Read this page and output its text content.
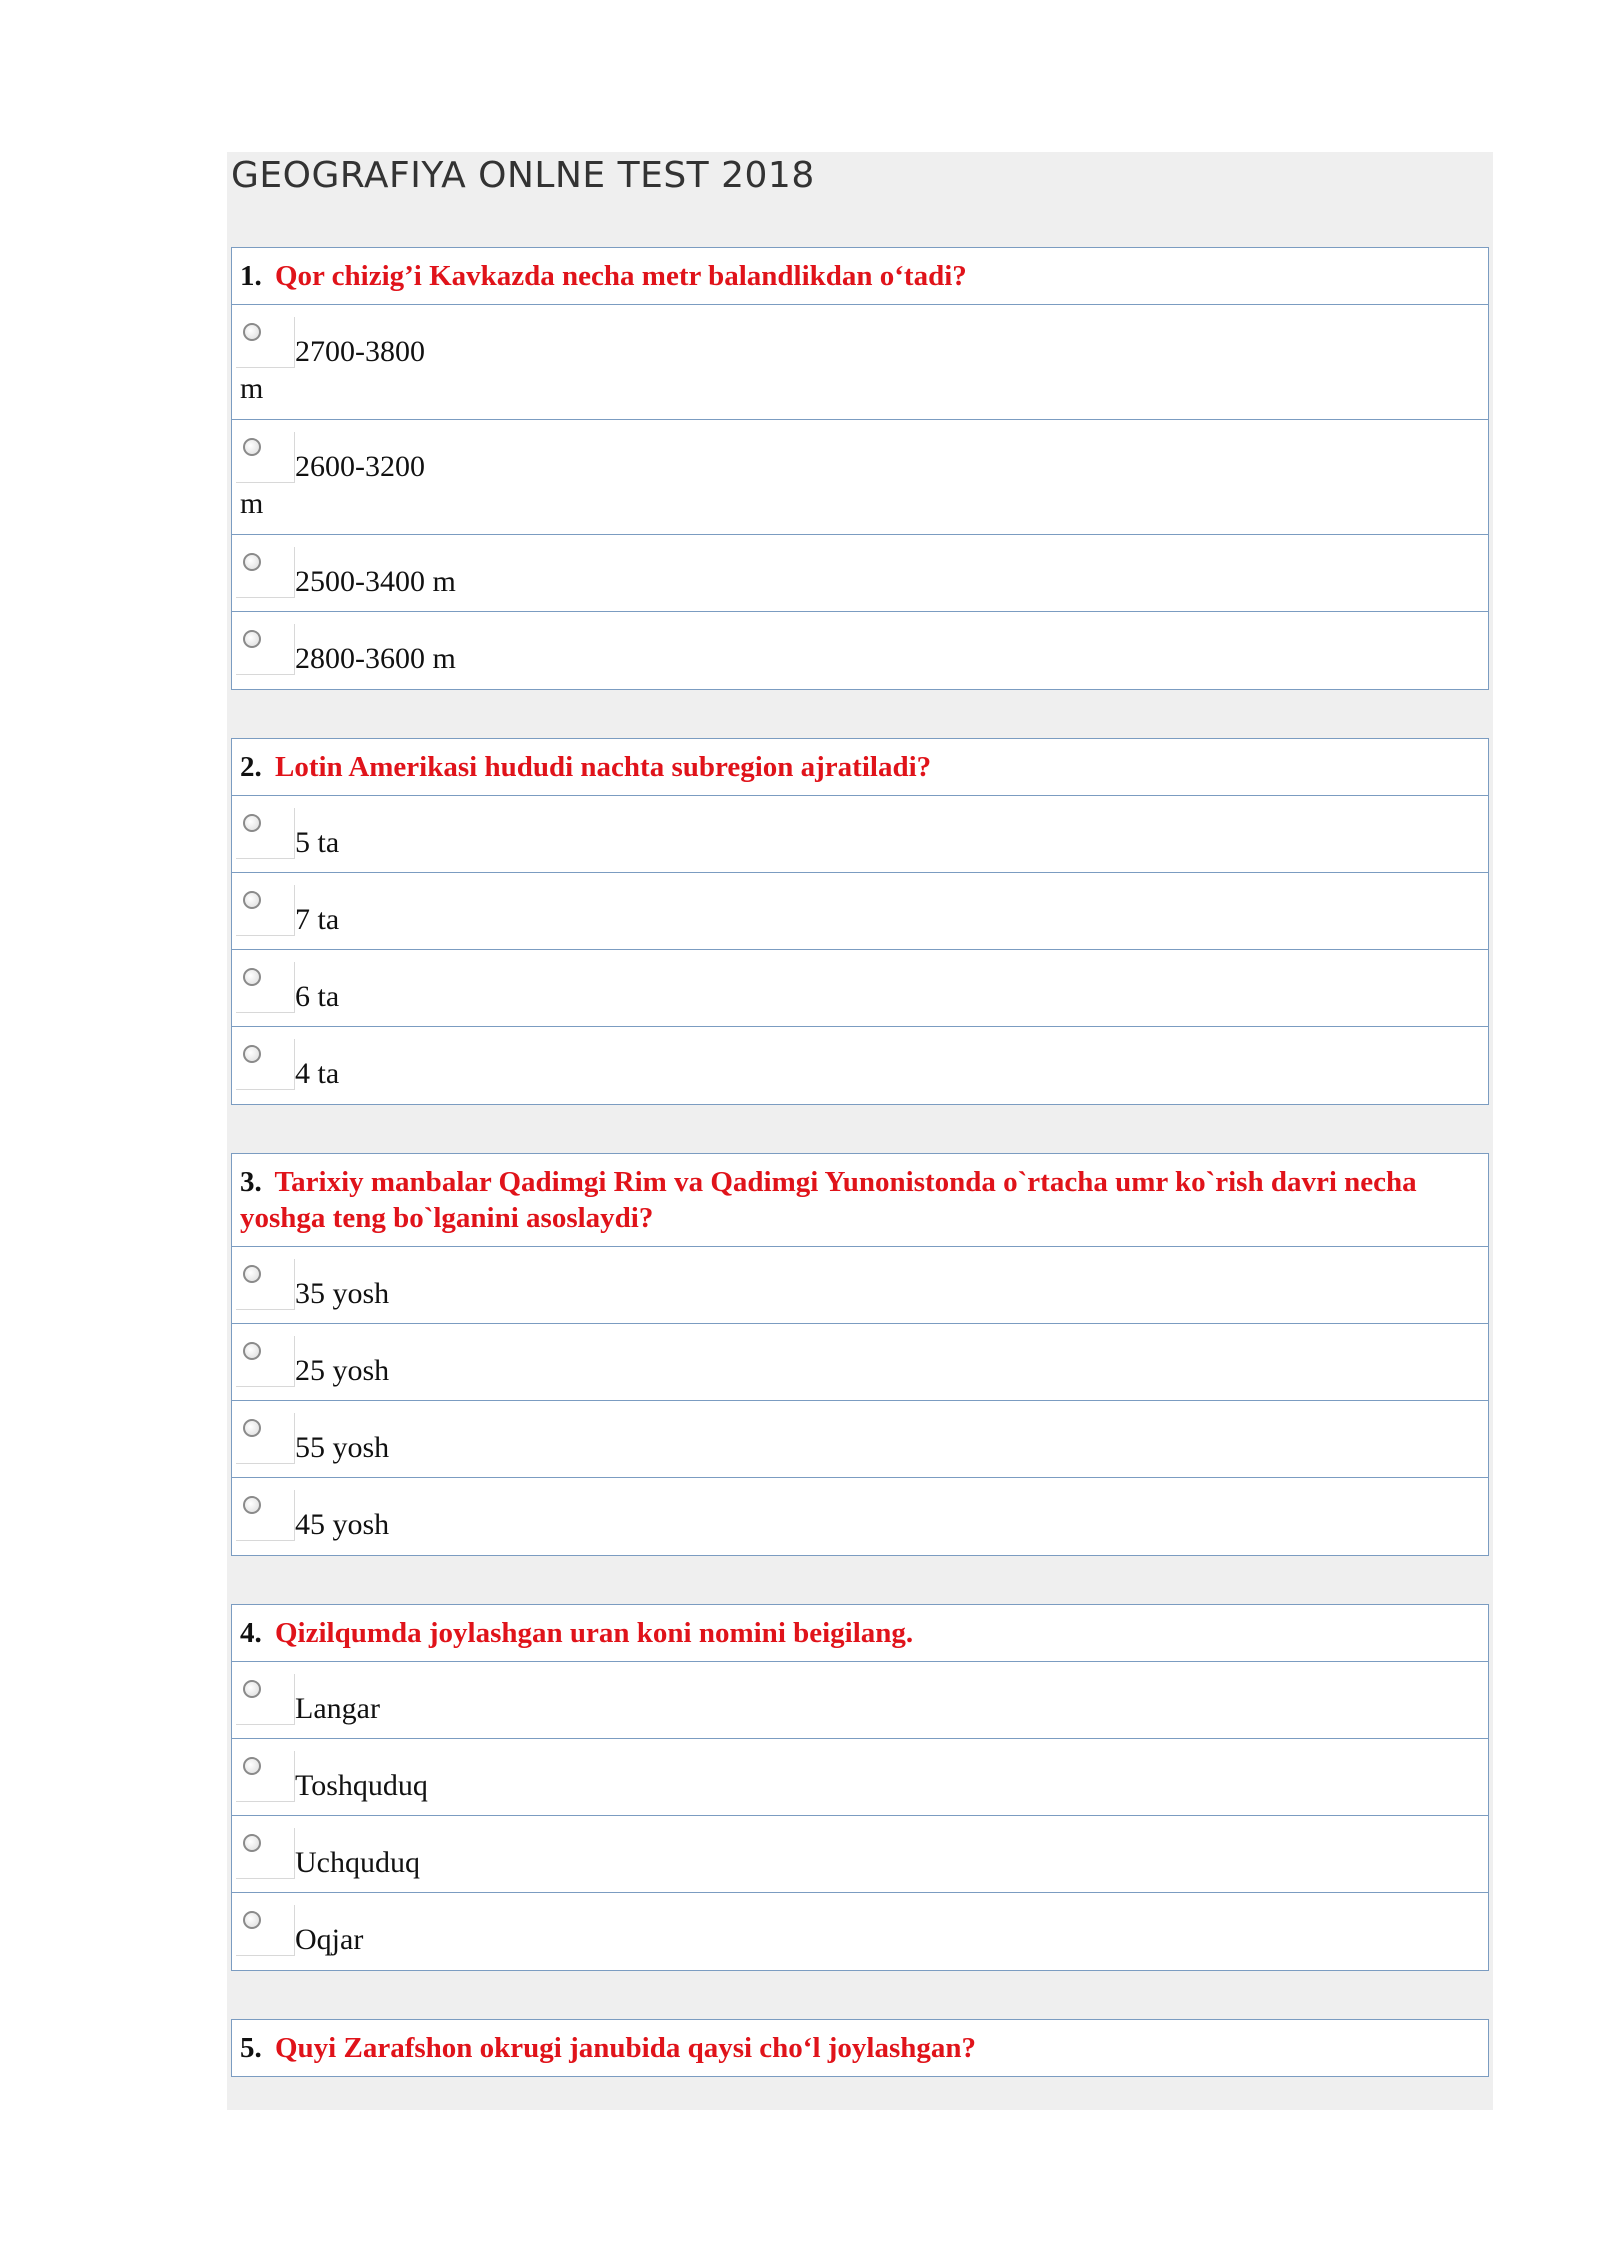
GEOGRAFIYA ONLNE TEST 2018
1. Qor chizig’i Kavkazda necha metr balandlikdan o‘tadi?
2700-3800
m
2600-3200
m
2500-3400 m
2800-3600 m
2. Lotin Amerikasi hududi nachta subregion ajratiladi?
5 ta
7 ta
6 ta
4 ta
3. Tarixiy manbalar Qadimgi Rim va Qadimgi Yunonistonda o`rtacha umr ko`rish davri necha yoshga teng bo`lganini asoslaydi?
35 yosh
25 yosh
55 yosh
45 yosh
4. Qizilqumda joylashgan uran koni nomini beigilang.
Langar
Toshquduq
Uchquduq
Oqjar
5. Quyi Zarafshon okrugi janubida qaysi cho‘l joylashgan?
